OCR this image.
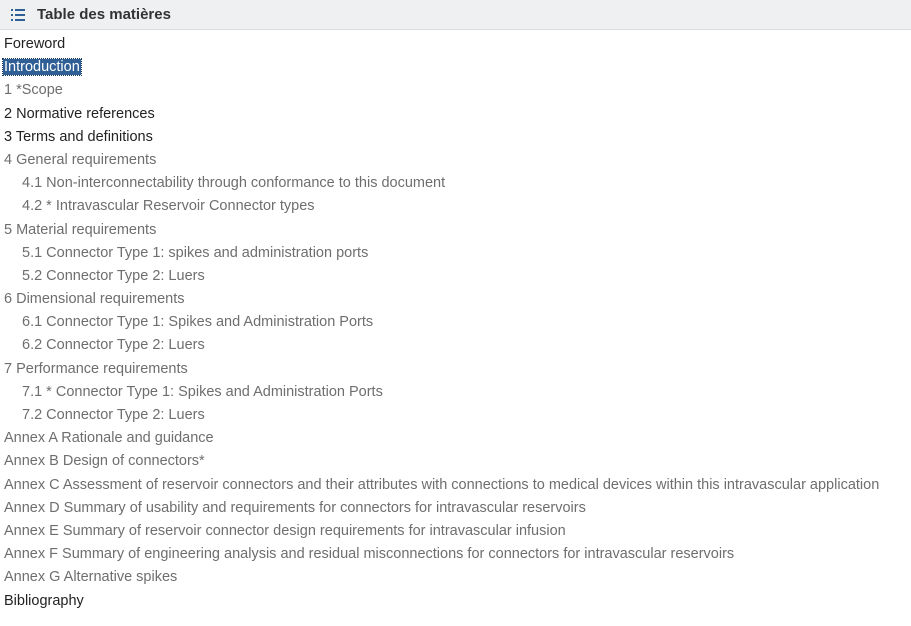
Table des matières
Foreword
Introduction
1 *Scope
2 Normative references
3 Terms and definitions
4 General requirements
4.1 Non-interconnectability through conformance to this document
4.2 * Intravascular Reservoir Connector types
5 Material requirements
5.1 Connector Type 1: spikes and administration ports
5.2 Connector Type 2: Luers
6 Dimensional requirements
6.1 Connector Type 1: Spikes and Administration Ports
6.2 Connector Type 2: Luers
7 Performance requirements
7.1 * Connector Type 1: Spikes and Administration Ports
7.2 Connector Type 2: Luers
Annex A Rationale and guidance
Annex B Design of connectors*
Annex C Assessment of reservoir connectors and their attributes with connections to medical devices within this intravascular application
Annex D Summary of usability and requirements for connectors for intravascular reservoirs
Annex E Summary of reservoir connector design requirements for intravascular infusion
Annex F Summary of engineering analysis and residual misconnections for connectors for intravascular reservoirs
Annex G Alternative spikes
Bibliography
